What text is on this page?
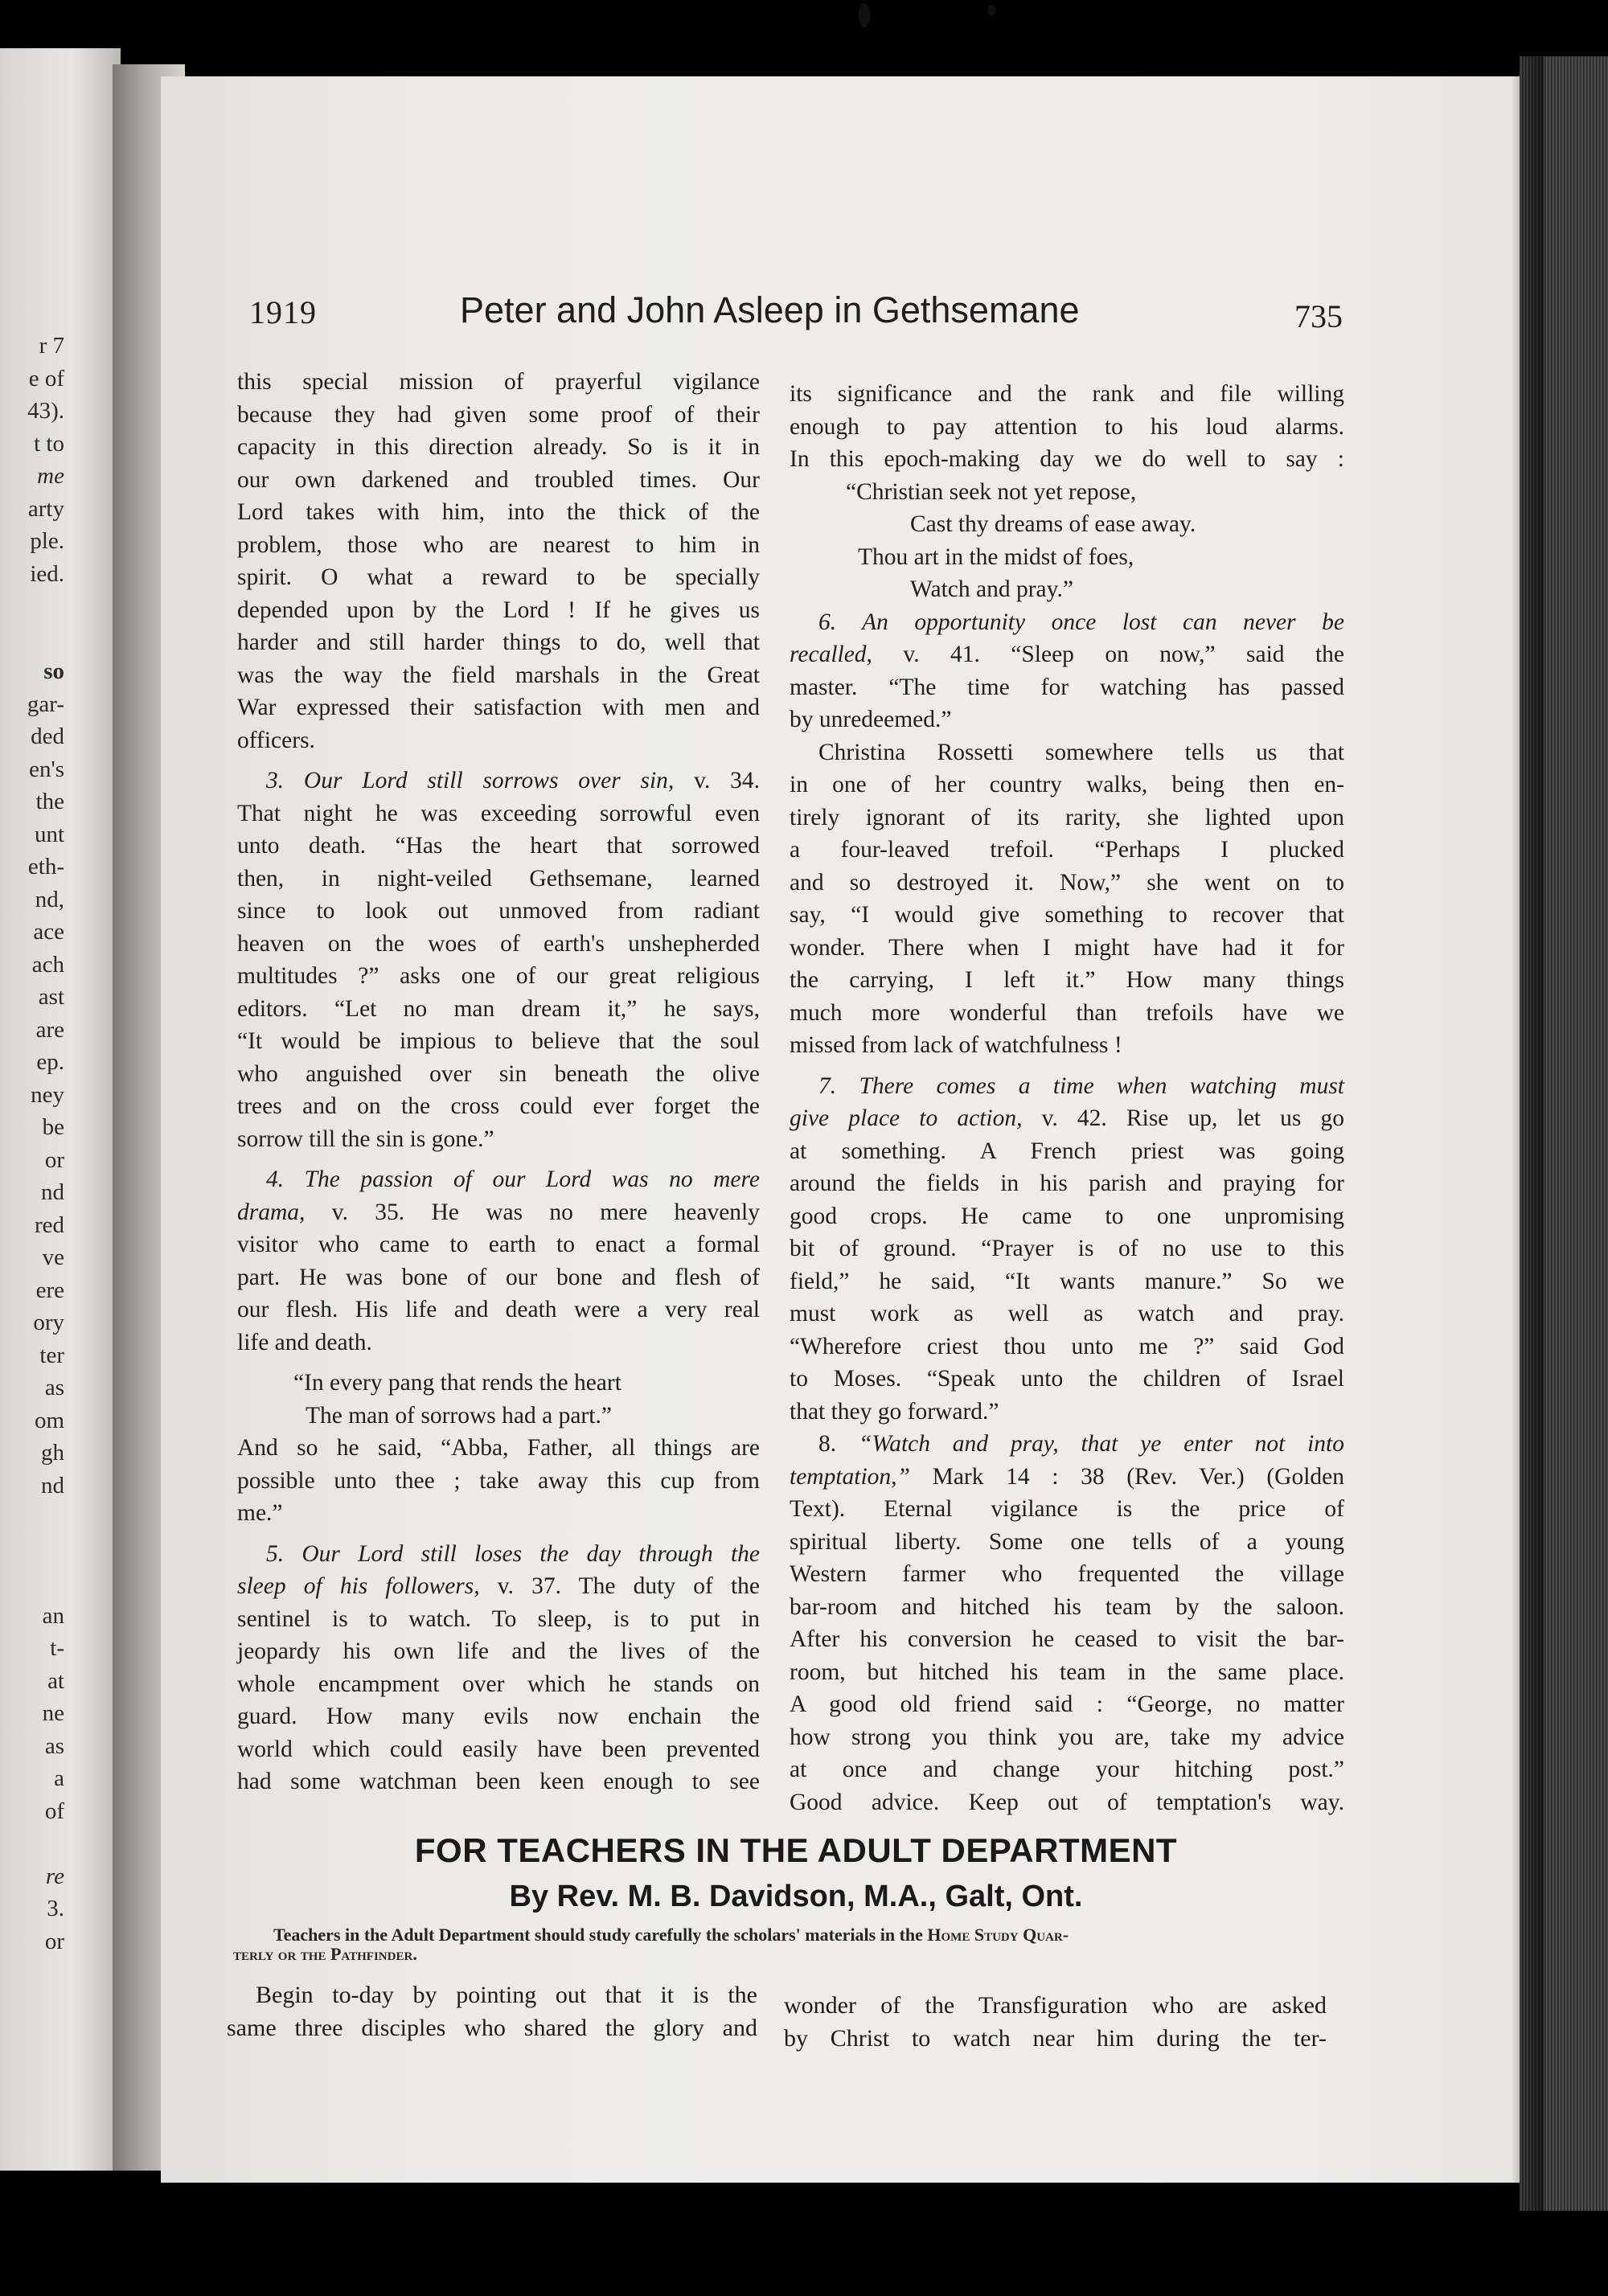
r 7
e of
43).
t to
me
arty
ple.
ied.
so
gar-
ded
en's
the
unt
eth-
nd,
ace
ach
ast
are
ep.
ney
be
or
nd
red
ve
ere
ory
ter
as
om
gh
nd
an
t-
at
ne
as
a
of
re
3.
or
1919	Peter and John Asleep in Gethsemane	735
this special mission of prayerful vigilance
because they had given some proof of their
capacity in this direction already. So is it in
our own darkened and troubled times. Our
Lord takes with him, into the thick of the
problem, those who are nearest to him in
spirit. O what a reward to be specially
depended upon by the Lord ! If he gives us
harder and still harder things to do, well that
was the way the field marshals in the Great
War expressed their satisfaction with men and
officers.
3. Our Lord still sorrows over sin, v. 34.
That night he was exceeding sorrowful even
unto death. “Has the heart that sorrowed
then, in night-veiled Gethsemane, learned
since to look out unmoved from radiant
heaven on the woes of earth's unshepherded
multitudes ?” asks one of our great religious
editors. “Let no man dream it,” he says,
“It would be impious to believe that the soul
who anguished over sin beneath the olive
trees and on the cross could ever forget the
sorrow till the sin is gone.”
4. The passion of our Lord was no mere
drama, v. 35. He was no mere heavenly
visitor who came to earth to enact a formal
part. He was bone of our bone and flesh of
our flesh. His life and death were a very real
life and death.
“In every pang that rends the heart
The man of sorrows had a part.”
And so he said, “Abba, Father, all things are
possible unto thee ; take away this cup from
me.”
5. Our Lord still loses the day through the
sleep of his followers, v. 37. The duty of the
sentinel is to watch. To sleep, is to put in
jeopardy his own life and the lives of the
whole encampment over which he stands on
guard. How many evils now enchain the
world which could easily have been prevented
had some watchman been keen enough to see
its significance and the rank and file willing
enough to pay attention to his loud alarms.
In this epoch-making day we do well to say :
“Christian seek not yet repose,
Cast thy dreams of ease away.
Thou art in the midst of foes,
Watch and pray.”
6. An opportunity once lost can never be
recalled, v. 41. “Sleep on now,” said the
master. “The time for watching has passed
by unredeemed.”
Christina Rossetti somewhere tells us that
in one of her country walks, being then en-
tirely ignorant of its rarity, she lighted upon
a four-leaved trefoil. “Perhaps I plucked
and so destroyed it. Now,” she went on to
say, “I would give something to recover that
wonder. There when I might have had it for
the carrying, I left it.” How many things
much more wonderful than trefoils have we
missed from lack of watchfulness !
7. There comes a time when watching must
give place to action, v. 42. Rise up, let us go
at something. A French priest was going
around the fields in his parish and praying for
good crops. He came to one unpromising
bit of ground. “Prayer is of no use to this
field,” he said, “It wants manure.” So we
must work as well as watch and pray.
“Wherefore criest thou unto me ?” said God
to Moses. “Speak unto the children of Israel
that they go forward.”
8. “Watch and pray, that ye enter not into
temptation,” Mark 14 : 38 (Rev. Ver.) (Golden
Text). Eternal vigilance is the price of
spiritual liberty. Some one tells of a young
Western farmer who frequented the village
bar-room and hitched his team by the saloon.
After his conversion he ceased to visit the bar-
room, but hitched his team in the same place.
A good old friend said : “George, no matter
how strong you think you are, take my advice
at once and change your hitching post.”
Good advice. Keep out of temptation's way.
FOR TEACHERS IN THE ADULT DEPARTMENT
By Rev. M. B. Davidson, M.A., Galt, Ont.
Teachers in the Adult Department should study carefully the scholars' materials in the Home Study Quar-
terly or the Pathfinder.
Begin to-day by pointing out that it is the
same three disciples who shared the glory and
wonder of the Transfiguration who are asked
by Christ to watch near him during the ter-
